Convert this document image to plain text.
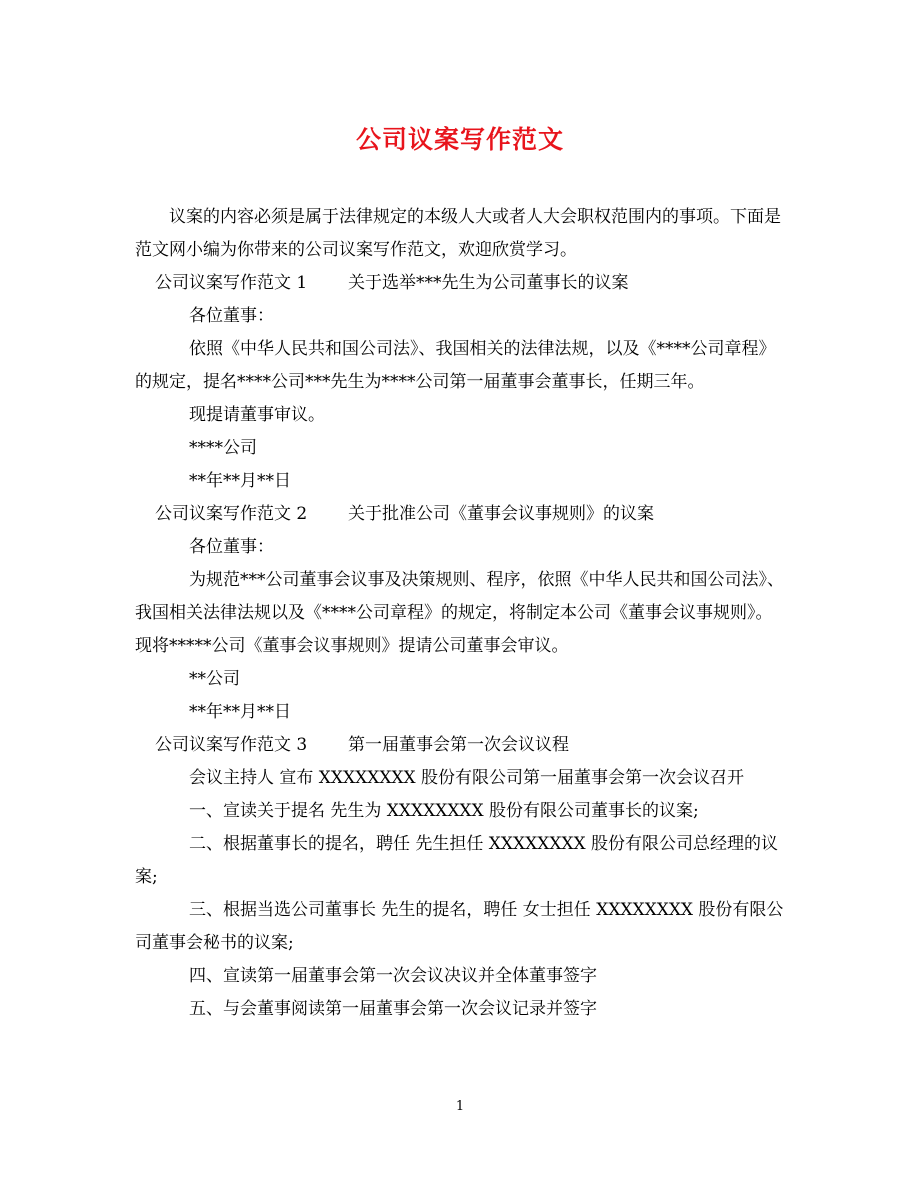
公司议案写作范文

议案的内容必须是属于法律规定的本级人大或者人大会职权范围内的事项。下面是范文网小编为你带来的公司议案写作范文，欢迎欣赏学习。

公司议案写作范文 1	关于选举***先生为公司董事长的议案

各位董事：

依照《中华人民共和国公司法》、我国相关的法律法规，以及《****公司章程》的规定，提名****公司***先生为****公司第一届董事会董事长，任期三年。

现提请董事审议。

****公司

**年**月**日

公司议案写作范文 2	关于批准公司《董事会议事规则》的议案

各位董事：

为规范***公司董事会议事及决策规则、程序，依照《中华人民共和国公司法》、我国相关法律法规以及《****公司章程》的规定，将制定本公司《董事会议事规则》。现将*****公司《董事会议事规则》提请公司董事会审议。

**公司

**年**月**日

公司议案写作范文 3	第一届董事会第一次会议议程

会议主持人 宣布 XXXXXXXX 股份有限公司第一届董事会第一次会议召开

一、宣读关于提名 先生为 XXXXXXXX 股份有限公司董事长的议案;

二、根据董事长的提名，聘任 先生担任 XXXXXXXX 股份有限公司总经理的议案;

三、根据当选公司董事长 先生的提名，聘任 女士担任 XXXXXXXX 股份有限公司董事会秘书的议案;

四、宣读第一届董事会第一次会议决议并全体董事签字

五、与会董事阅读第一届董事会第一次会议记录并签字

1
